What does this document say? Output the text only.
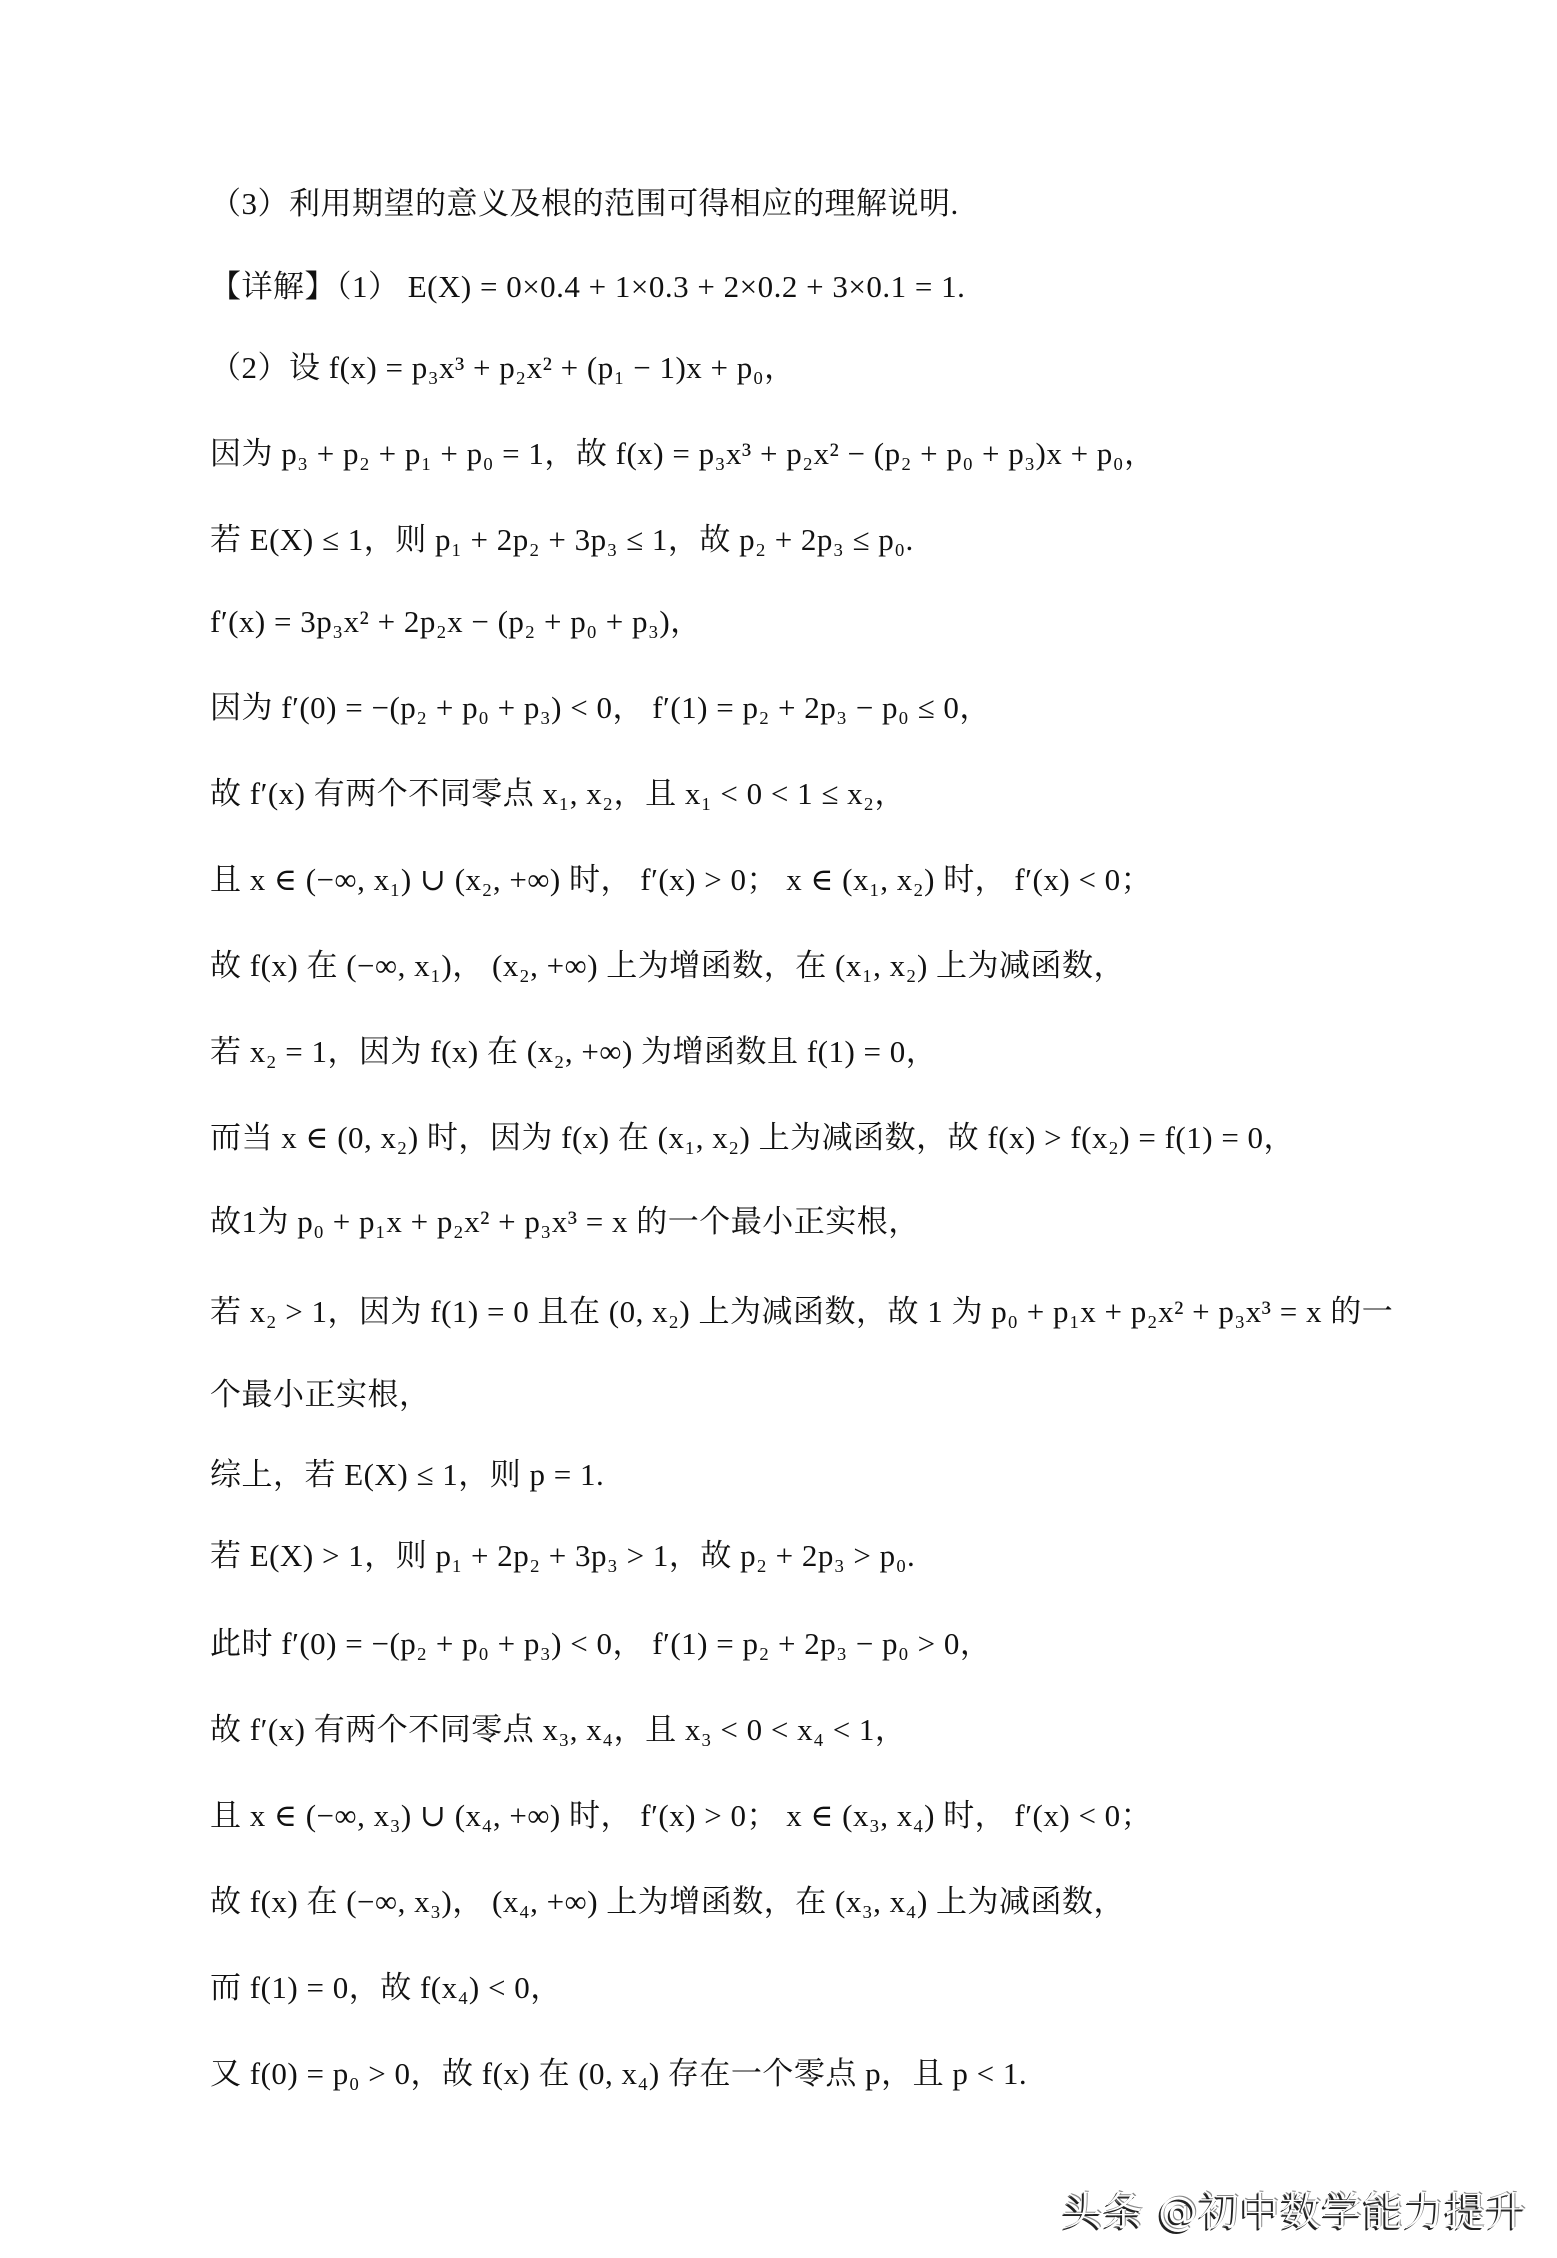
（3）利用期望的意义及根的范围可得相应的理解说明.
【详解】（1） E(X) = 0×0.4 + 1×0.3 + 2×0.2 + 3×0.1 = 1.
（2）设 f(x) = p₃x³ + p₂x² + (p₁ − 1)x + p₀，
因为 p₃ + p₂ + p₁ + p₀ = 1，故 f(x) = p₃x³ + p₂x² − (p₂ + p₀ + p₃)x + p₀，
若 E(X) ≤ 1，则 p₁ + 2p₂ + 3p₃ ≤ 1，故 p₂ + 2p₃ ≤ p₀.
f′(x) = 3p₃x² + 2p₂x − (p₂ + p₀ + p₃)，
因为 f′(0) = −(p₂ + p₀ + p₃) < 0， f′(1) = p₂ + 2p₃ − p₀ ≤ 0，
故 f′(x) 有两个不同零点 x₁, x₂，且 x₁ < 0 < 1 ≤ x₂，
且 x ∈ (−∞, x₁) ∪ (x₂, +∞) 时， f′(x) > 0； x ∈ (x₁, x₂) 时， f′(x) < 0；
故 f(x) 在 (−∞, x₁)， (x₂, +∞) 上为增函数，在 (x₁, x₂) 上为减函数，
若 x₂ = 1，因为 f(x) 在 (x₂, +∞) 为增函数且 f(1) = 0，
而当 x ∈ (0, x₂) 时，因为 f(x) 在 (x₁, x₂) 上为减函数，故 f(x) > f(x₂) = f(1) = 0，
故1为 p₀ + p₁x + p₂x² + p₃x³ = x 的一个最小正实根，
若 x₂ > 1，因为 f(1) = 0 且在 (0, x₂) 上为减函数，故 1 为 p₀ + p₁x + p₂x² + p₃x³ = x 的一
个最小正实根，
综上，若 E(X) ≤ 1，则 p = 1.
若 E(X) > 1，则 p₁ + 2p₂ + 3p₃ > 1，故 p₂ + 2p₃ > p₀.
此时 f′(0) = −(p₂ + p₀ + p₃) < 0， f′(1) = p₂ + 2p₃ − p₀ > 0，
故 f′(x) 有两个不同零点 x₃, x₄，且 x₃ < 0 < x₄ < 1，
且 x ∈ (−∞, x₃) ∪ (x₄, +∞) 时， f′(x) > 0； x ∈ (x₃, x₄) 时， f′(x) < 0；
故 f(x) 在 (−∞, x₃)， (x₄, +∞) 上为增函数，在 (x₃, x₄) 上为减函数，
而 f(1) = 0，故 f(x₄) < 0，
又 f(0) = p₀ > 0，故 f(x) 在 (0, x₄) 存在一个零点 p，且 p < 1.
头条 @初中数学能力提升
